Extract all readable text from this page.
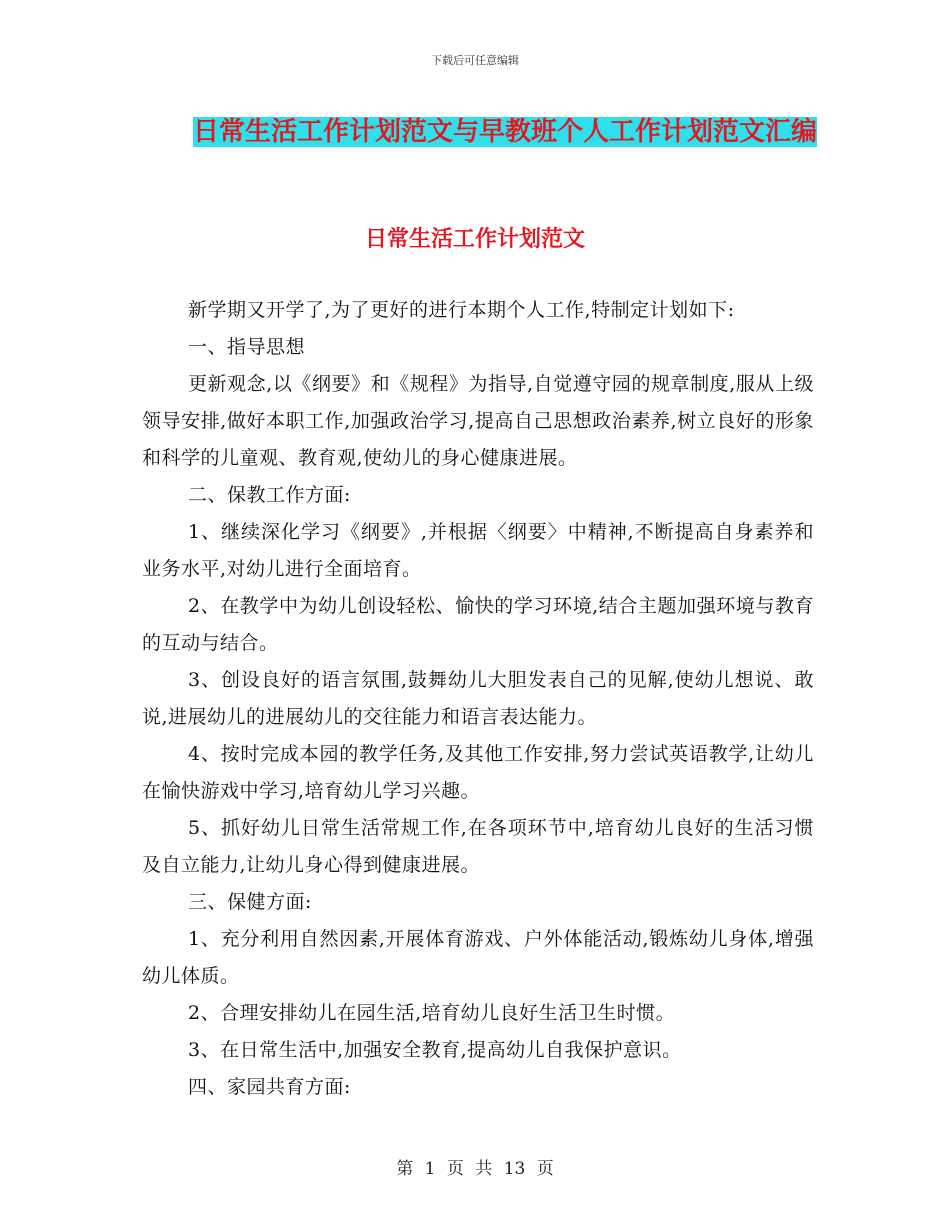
下载后可任意编辑
日常生活工作计划范文与早教班个人工作计划范文汇编
日常生活工作计划范文

新学期又开学了,为了更好的进行本期个人工作,特制定计划如下:

一、指导思想

更新观念,以《纲要》和《规程》为指导,自觉遵守园的规章制度,服从上级领导安排,做好本职工作,加强政治学习,提高自己思想政治素养,树立良好的形象和科学的儿童观、教育观,使幼儿的身心健康进展。

二、保教工作方面:

1、继续深化学习《纲要》,并根据〈纲要〉中精神,不断提高自身素养和业务水平,对幼儿进行全面培育。

2、在教学中为幼儿创设轻松、愉快的学习环境,结合主题加强环境与教育的互动与结合。

3、创设良好的语言氛围,鼓舞幼儿大胆发表自己的见解,使幼儿想说、敢说,进展幼儿的进展幼儿的交往能力和语言表达能力。

4、按时完成本园的教学任务,及其他工作安排,努力尝试英语教学,让幼儿在愉快游戏中学习,培育幼儿学习兴趣。

5、抓好幼儿日常生活常规工作,在各项环节中,培育幼儿良好的生活习惯及自立能力,让幼儿身心得到健康进展。

三、保健方面:

1、充分利用自然因素,开展体育游戏、户外体能活动,锻炼幼儿身体,增强幼儿体质。

2、合理安排幼儿在园生活,培育幼儿良好生活卫生时惯。

3、在日常生活中,加强安全教育,提高幼儿自我保护意识。

四、家园共育方面:

第 1 页 共 13 页
